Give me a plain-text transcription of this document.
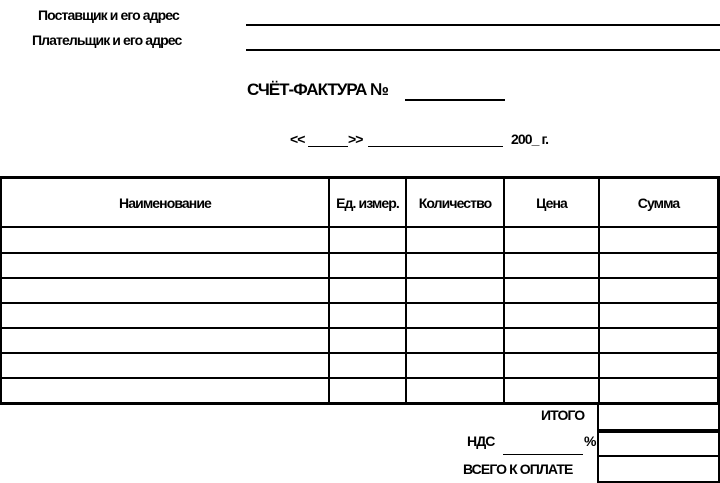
Поставщик и его адрес
Плательщик и его адрес
СЧЁТ-ФАКТУРА №
<<	>>	200_ г.
Наименование	Ед. измер.	Количество	Цена	Сумма
ИТОГО
НДС	%
ВСЕГО К ОПЛАТЕ
